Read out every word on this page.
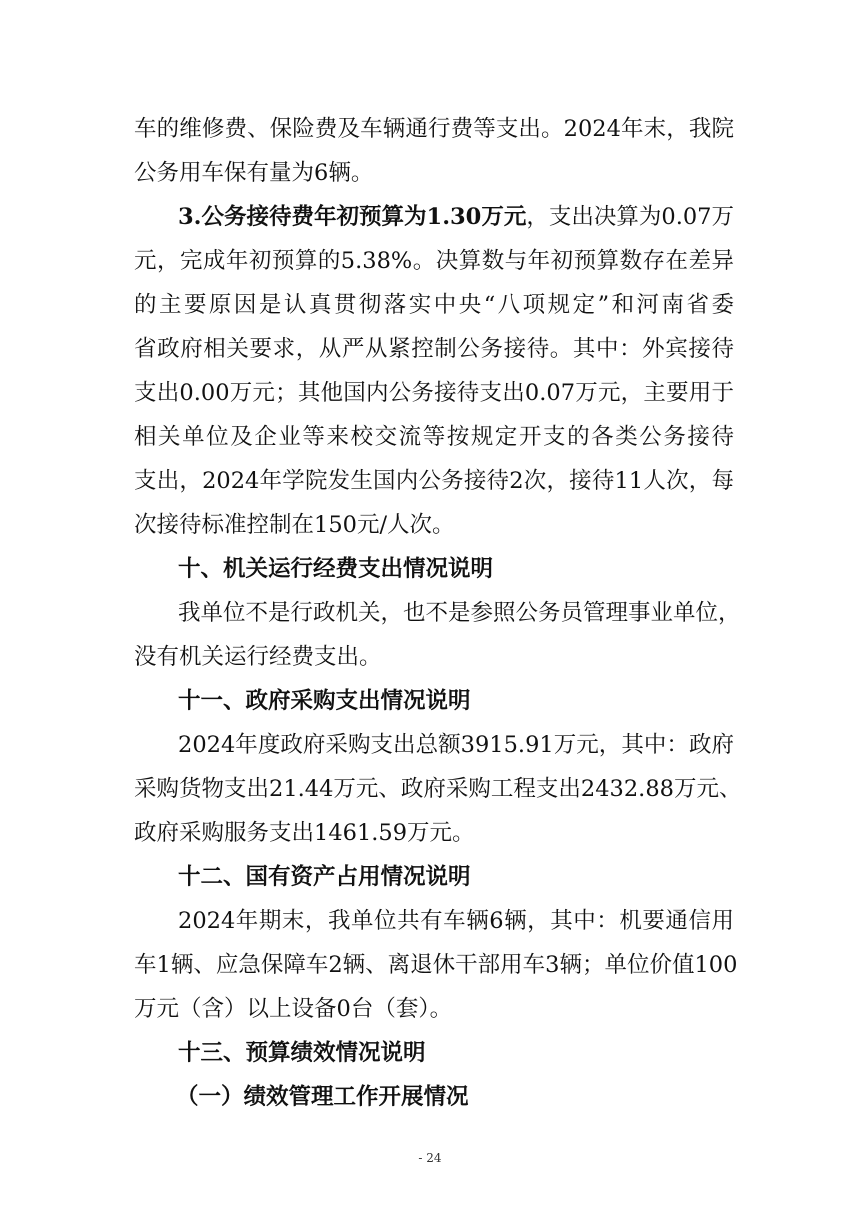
车的维修费、保险费及车辆通行费等支出。2024年末，我院
公务用车保有量为6辆。
3.公务接待费年初预算为1.30万元，支出决算为0.07万
元，完成年初预算的5.38%。决算数与年初预算数存在差异
的主要原因是认真贯彻落实中央“八项规定”和河南省委
省政府相关要求，从严从紧控制公务接待。其中：外宾接待
支出0.00万元；其他国内公务接待支出0.07万元，主要用于
相关单位及企业等来校交流等按规定开支的各类公务接待
支出，2024年学院发生国内公务接待2次，接待11人次，每
次接待标准控制在150元/人次。
十、机关运行经费支出情况说明
我单位不是行政机关，也不是参照公务员管理事业单位，
没有机关运行经费支出。
十一、政府采购支出情况说明
2024年度政府采购支出总额3915.91万元，其中：政府
采购货物支出21.44万元、政府采购工程支出2432.88万元、
政府采购服务支出1461.59万元。
十二、国有资产占用情况说明
2024年期末，我单位共有车辆6辆，其中：机要通信用
车1辆、应急保障车2辆、离退休干部用车3辆；单位价值100
万元（含）以上设备0台（套）。
十三、预算绩效情况说明
（一）绩效管理工作开展情况
- 24
